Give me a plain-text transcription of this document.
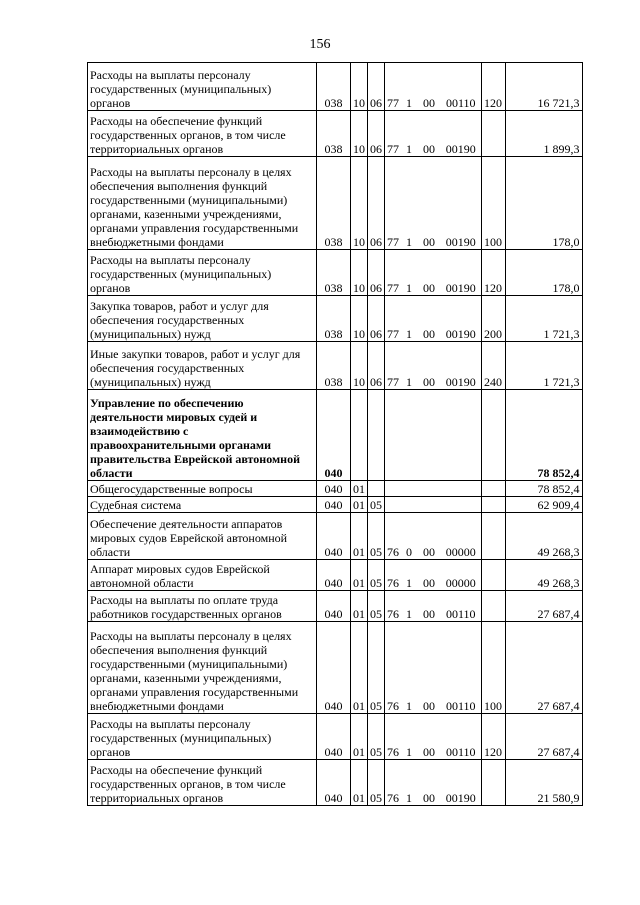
156
Расходы на выплаты персоналу государственных (муниципальных) органов	038	10	06	77	1	00	00110	120	16 721,3
Расходы на обеспечение функций государственных органов, в том числе территориальных органов	038	10	06	77	1	00	00190		1 899,3
Расходы на выплаты персоналу в целях обеспечения выполнения функций государственными (муниципальными) органами, казенными учреждениями, органами управления государственными внебюджетными фондами	038	10	06	77	1	00	00190	100	178,0
Расходы на выплаты персоналу государственных (муниципальных) органов	038	10	06	77	1	00	00190	120	178,0
Закупка товаров, работ и услуг для обеспечения государственных (муниципальных) нужд	038	10	06	77	1	00	00190	200	1 721,3
Иные закупки товаров, работ и услуг для обеспечения государственных (муниципальных) нужд	038	10	06	77	1	00	00190	240	1 721,3
Управление по обеспечению деятельности мировых судей и взаимодействию с правоохранительными органами правительства Еврейской автономной области	040								78 852,4
Общегосударственные вопросы	040	01							78 852,4
Судебная система	040	01	05						62 909,4
Обеспечение деятельности аппаратов мировых судов Еврейской автономной области	040	01	05	76	0	00	00000		49 268,3
Аппарат мировых судов Еврейской автономной области	040	01	05	76	1	00	00000		49 268,3
Расходы на выплаты по оплате труда работников государственных органов	040	01	05	76	1	00	00110		27 687,4
Расходы на выплаты персоналу в целях обеспечения выполнения функций государственными (муниципальными) органами, казенными учреждениями, органами управления государственными внебюджетными фондами	040	01	05	76	1	00	00110	100	27 687,4
Расходы на выплаты персоналу государственных (муниципальных) органов	040	01	05	76	1	00	00110	120	27 687,4
Расходы на обеспечение функций государственных органов, в том числе территориальных органов	040	01	05	76	1	00	00190		21 580,9
